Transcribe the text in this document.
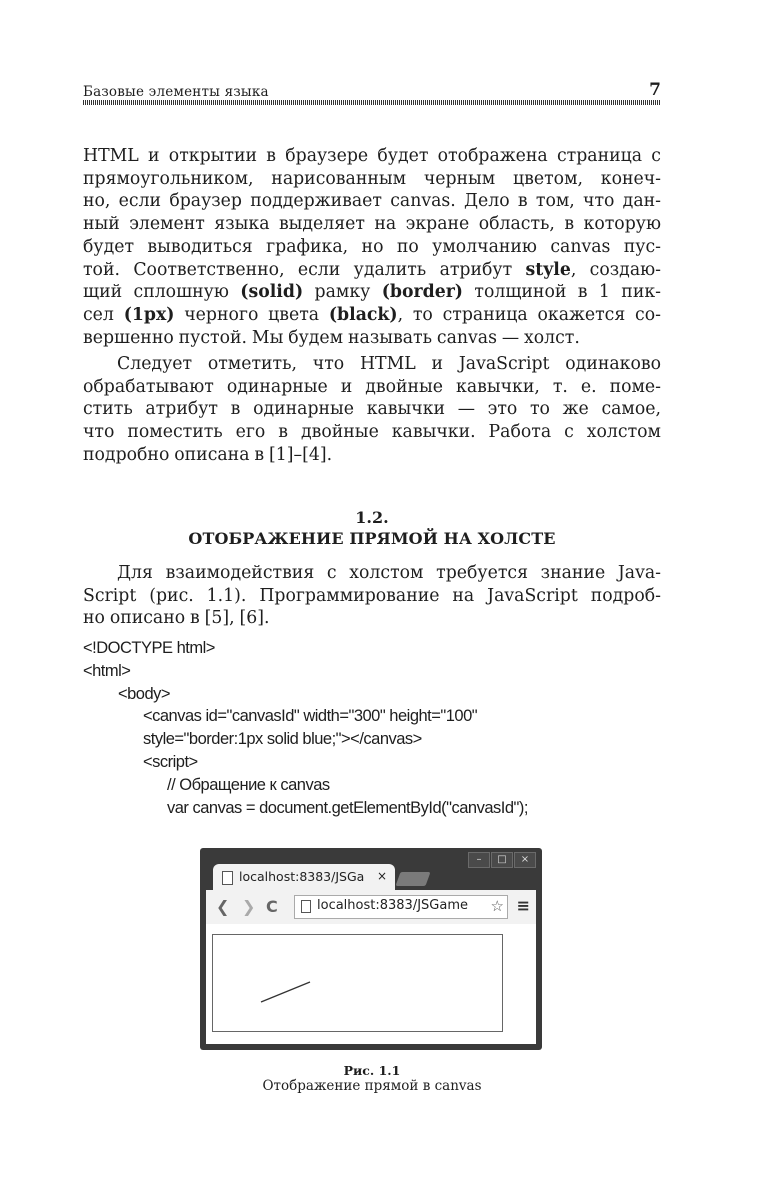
Базовые элементы языка	7
HTML и открытии в браузере будет отображена страница с
прямоугольником, нарисованным черным цветом, конеч-
но, если браузер поддерживает canvas. Дело в том, что дан-
ный элемент языка выделяет на экране область, в которую
будет выводиться графика, но по умолчанию canvas пус-
той. Соответственно, если удалить атрибут style, создаю-
щий сплошную (solid) рамку (border) толщиной в 1 пик-
сел (1px) черного цвета (black), то страница окажется со-
вершенно пустой. Мы будем называть canvas — холст.
Следует отметить, что HTML и JavaScript одинаково
обрабатывают одинарные и двойные кавычки, т. е. поме-
стить атрибут в одинарные кавычки — это то же самое,
что поместить его в двойные кавычки. Работа с холстом
подробно описана в [1]–[4].
1.2.
ОТОБРАЖЕНИЕ ПРЯМОЙ НА ХОЛСТЕ
Для взаимодействия с холстом требуется знание Java-
Script (рис. 1.1). Программирование на JavaScript подроб-
но описано в [5], [6].
<!DOCTYPE html>
<html>
<body>
<canvas id="canvasId" width="300" height="100"
style="border:1px solid blue;"></canvas>
<script>
// Обращение к canvas
var canvas = document.getElementById("canvasId");
–	□	×
localhost:8383/JSGa ×
❮ ❯ C	localhost:8383/JSGame	☆ ≡
Рис. 1.1
Отображение прямой в canvas
